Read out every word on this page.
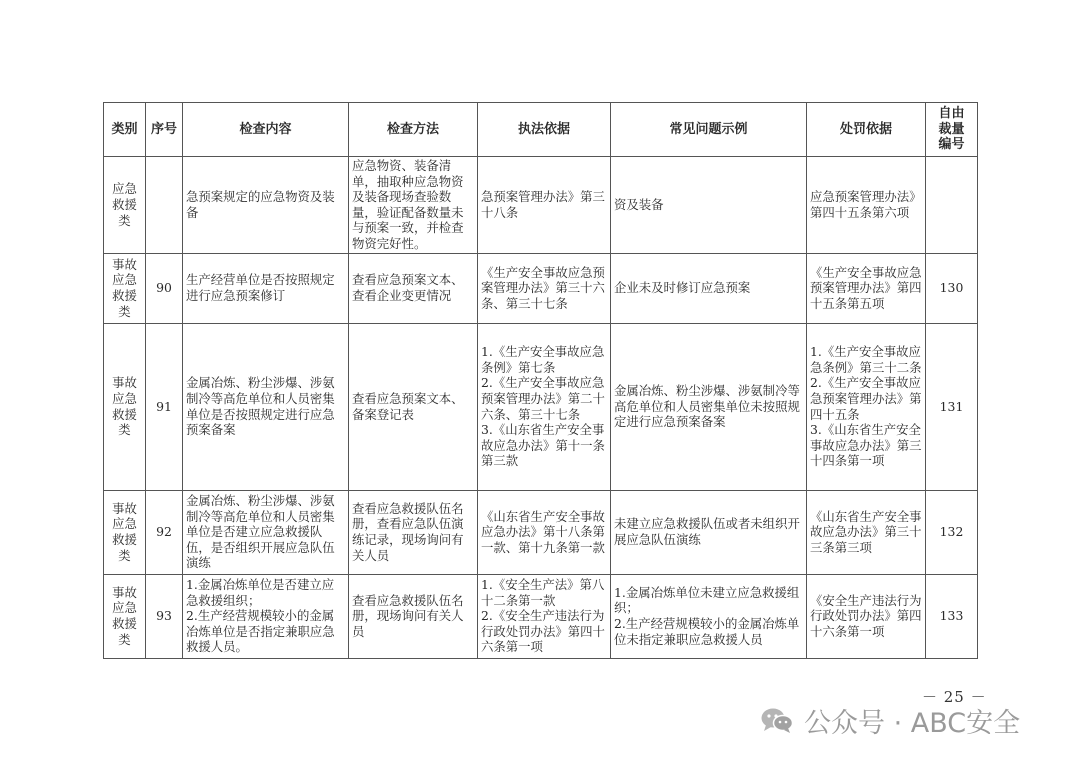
类别	序号	检查内容	检查方法	执法依据	常见问题示例	处罚依据	自由裁量编号
应急救援类		急预案规定的应急物资及装备	应急物资、装备清单，抽取种应急物资及装备现场查验数量，验证配备数量未与预案一致，并检查物资完好性。	急预案管理办法》第三十八条	资及装备	应急预案管理办法》第四十五条第六项	
事故应急救援类	90	生产经营单位是否按照规定进行应急预案修订	查看应急预案文本、查看企业变更情况	《生产安全事故应急预案管理办法》第三十六条、第三十七条	企业未及时修订应急预案	《生产安全事故应急预案管理办法》第四十五条第五项	130
事故应急救援类	91	金属冶炼、粉尘涉爆、涉氨制冷等高危单位和人员密集单位是否按照规定进行应急预案备案	查看应急预案文本、备案登记表	1.《生产安全事故应急条例》第七条
2.《生产安全事故应急预案管理办法》第二十六条、第三十七条
3.《山东省生产安全事故应急办法》第十一条第三款	金属冶炼、粉尘涉爆、涉氨制冷等高危单位和人员密集单位未按照规定进行应急预案备案	1.《生产安全事故应急条例》第三十二条
2.《生产安全事故应急预案管理办法》第四十五条
3.《山东省生产安全事故应急办法》第三十四条第一项	131
事故应急救援类	92	金属冶炼、粉尘涉爆、涉氨制冷等高危单位和人员密集单位是否建立应急救援队伍，是否组织开展应急队伍演练	查看应急救援队伍名册，查看应急队伍演练记录，现场询问有关人员	《山东省生产安全事故应急办法》第十八条第一款、第十九条第一款	未建立应急救援队伍或者未组织开展应急队伍演练	《山东省生产安全事故应急办法》第三十三条第三项	132
事故应急救援类	93	1.金属冶炼单位是否建立应急救援组织；
2.生产经营规模较小的金属冶炼单位是否指定兼职应急救援人员。	查看应急救援队伍名册，现场询问有关人员	1.《安全生产法》第八十二条第一款
2.《安全生产违法行为行政处罚办法》第四十六条第一项	1.金属冶炼单位未建立应急救援组织；
2.生产经营规模较小的金属冶炼单位未指定兼职应急救援人员	《安全生产违法行为行政处罚办法》第四十六条第一项	133
－ 25 －
公众号 · ABC安全
